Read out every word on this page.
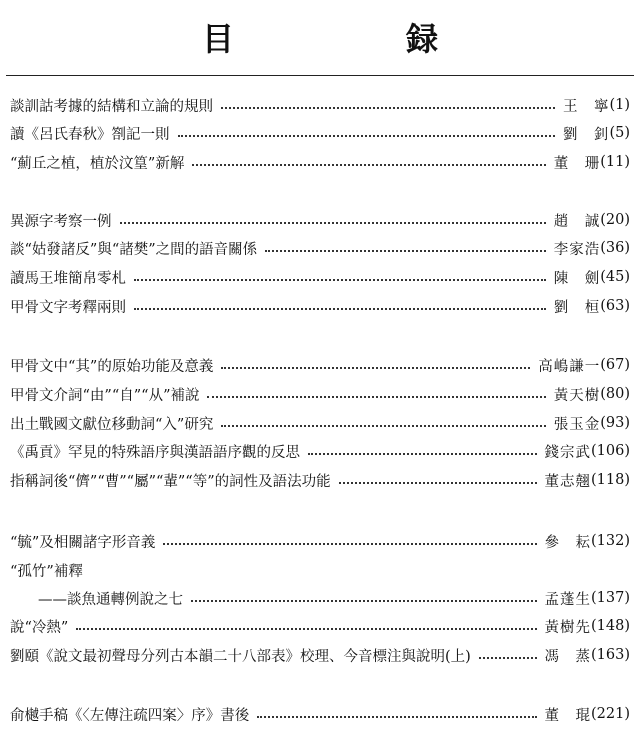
目　録
談訓詁考據的結構和立論的規則	王　寧 (1)
讀《呂氏春秋》劄記一則	劉　釗 (5)
“薊丘之植，植於汶篁”新解	董　珊 (11)
異源字考察一例	趙　誠 (20)
談“姑發諸反”與“諸樊”之間的語音關係	李家浩 (36)
讀馬王堆簡帛零札	陳　劍 (45)
甲骨文字考釋兩則	劉　桓 (63)
甲骨文中“其”的原始功能及意義	高嶋謙一 (67)
甲骨文介詞“由”“自”“从”補說	黃天樹 (80)
出土戰國文獻位移動詞“入”研究	張玉金 (93)
《禹貢》罕見的特殊語序與漢語語序觀的反思	錢宗武 (106)
指稱詞後“儕”“曹”“屬”“輩”“等”的詞性及語法功能	董志翹 (118)
“毓”及相關諸字形音義	參　耘 (132)
“孤竹”補釋
——談魚通轉例說之七	孟蓬生 (137)
說“冷熱”	黃樹先 (148)
劉頤《說文最初聲母分列古本韻二十八部表》校理、今音標注與說明(上)	馮　蒸 (163)
俞樾手稿《〈左傳注疏四案〉序》書後	董　琨 (221)
